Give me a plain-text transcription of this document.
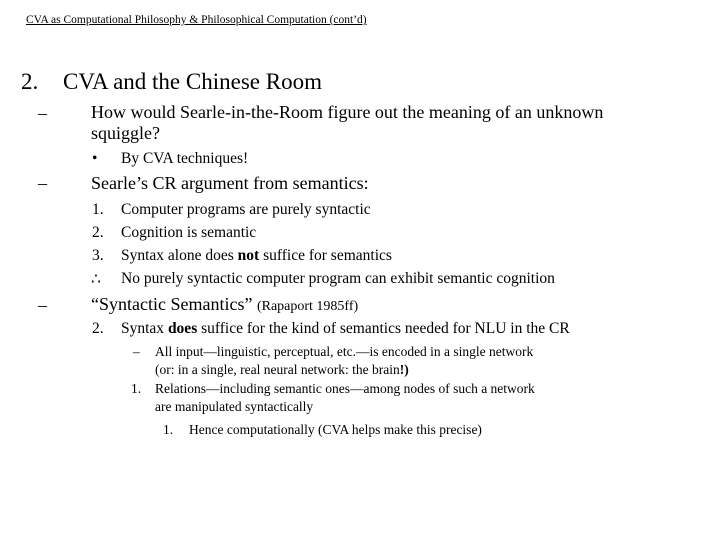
CVA as Computational Philosophy & Philosophical Computation (cont’d)
2. CVA and the Chinese Room
– How would Searle-in-the-Room figure out the meaning of an unknown
squiggle?
• By CVA techniques!
– Searle’s CR argument from semantics:
1. Computer programs are purely syntactic
2. Cognition is semantic
3. Syntax alone does not suffice for semantics
∴ No purely syntactic computer program can exhibit semantic cognition
– “Syntactic Semantics” (Rapaport 1985ff)
2. Syntax does suffice for the kind of semantics needed for NLU in the CR
– All input—linguistic, perceptual, etc.—is encoded in a single network
(or: in a single, real neural network: the brain!)
1. Relations—including semantic ones—among nodes of such a network
are manipulated syntactically
1. Hence computationally (CVA helps make this precise)
